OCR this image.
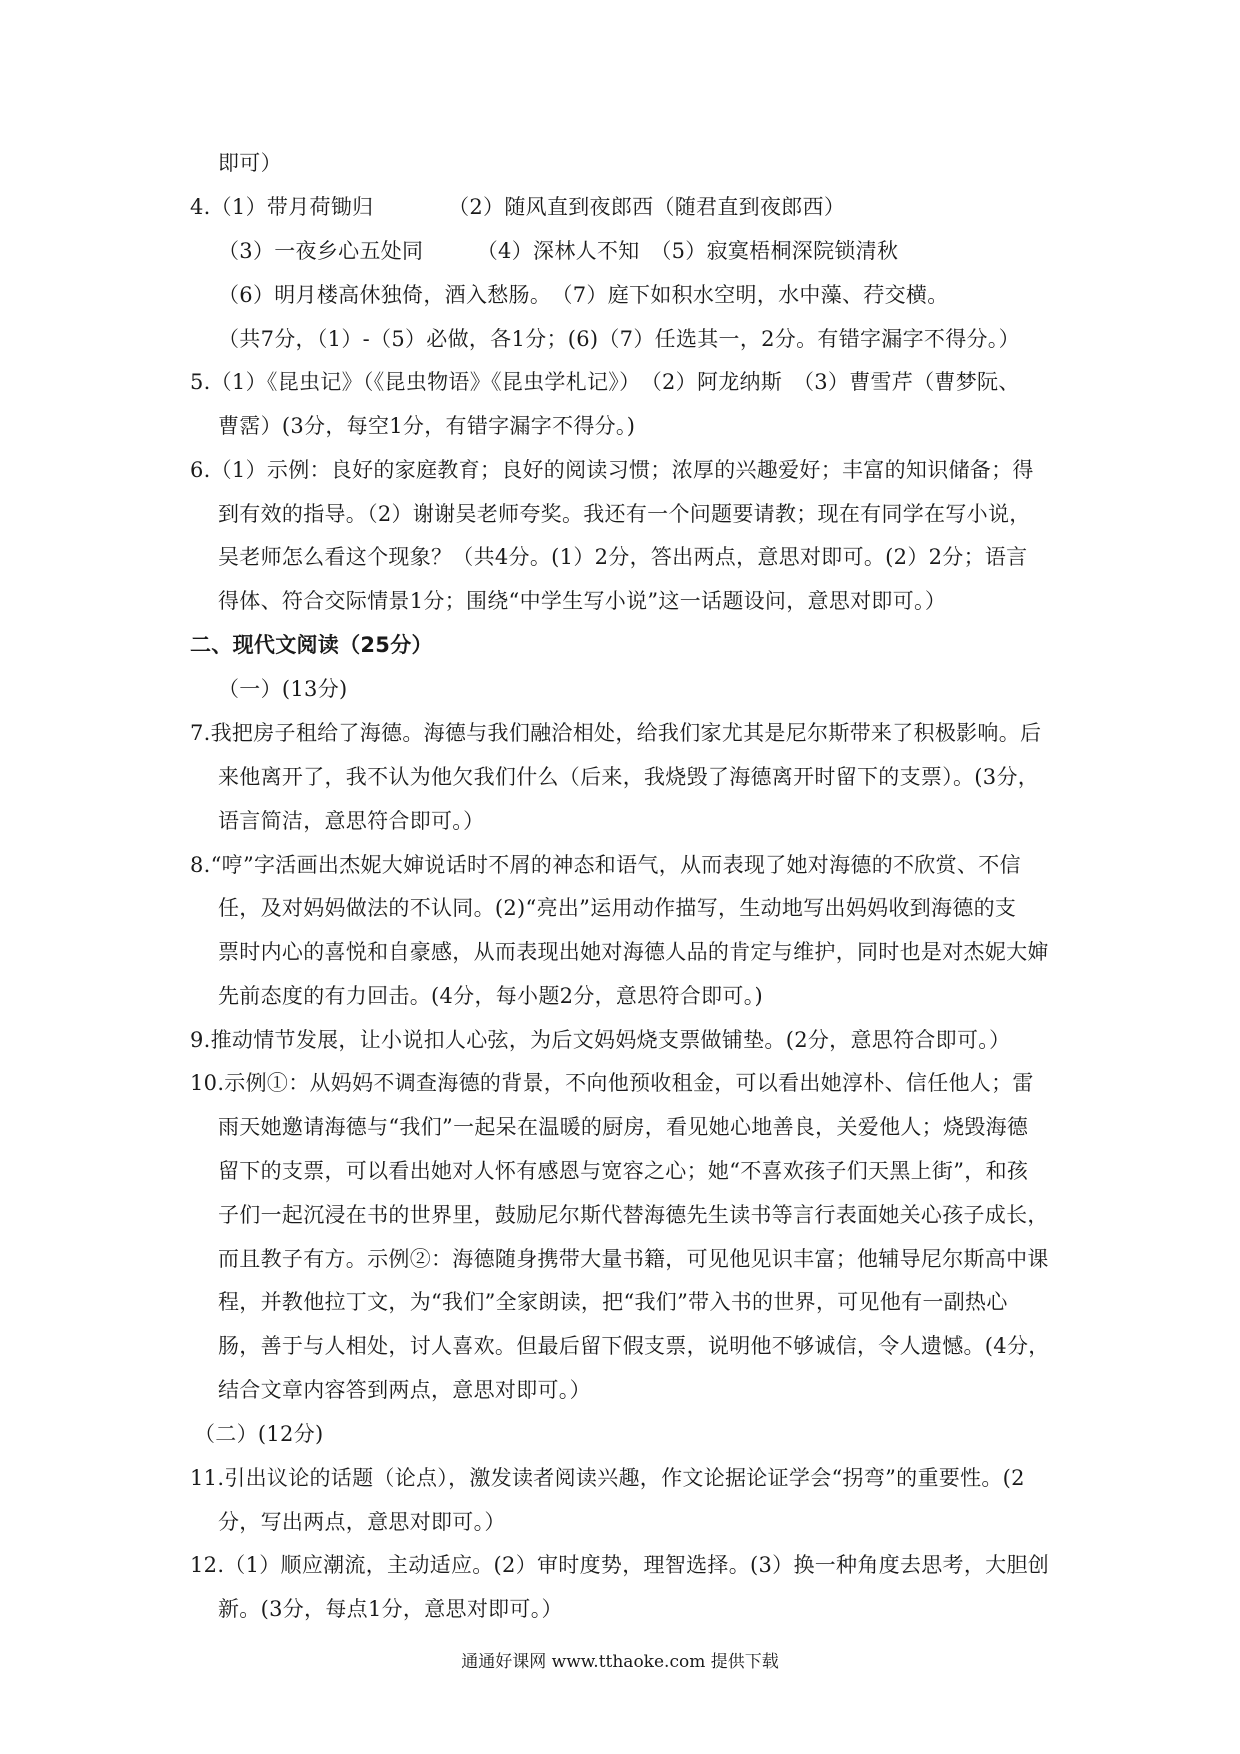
即可）
4.（1）带月荷锄归　　　　（2）随风直到夜郎西（随君直到夜郎西）
（3）一夜乡心五处同　　　（4）深林人不知　（5）寂寞梧桐深院锁清秋
（6）明月楼高休独倚，酒入愁肠。　（7）庭下如积水空明，水中藻、荇交横。
（共7分，（1）-（5）必做，各1分；(6)（7）任选其一，2分。有错字漏字不得分。）
5.（1）《昆虫记》（《昆虫物语》《昆虫学札记》）　（2）阿龙纳斯　（3）曹雪芹（曹梦阮、
曹霑）(3分，每空1分，有错字漏字不得分。)
6.（1）示例：良好的家庭教育；良好的阅读习惯；浓厚的兴趣爱好；丰富的知识储备；得
到有效的指导。（2）谢谢吴老师夸奖。我还有一个问题要请教；现在有同学在写小说，
吴老师怎么看这个现象？（共4分。(1）2分，答出两点，意思对即可。(2）2分；语言
得体、符合交际情景1分；围绕“中学生写小说”这一话题设问，意思对即可。）
二、现代文阅读（25分）
（一）(13分)
7.我把房子租给了海德。海德与我们融洽相处，给我们家尤其是尼尔斯带来了积极影响。后
来他离开了，我不认为他欠我们什么（后来，我烧毁了海德离开时留下的支票）。(3分，
语言简洁，意思符合即可。）
8.“哼”字活画出杰妮大婶说话时不屑的神态和语气，从而表现了她对海德的不欣赏、不信
任，及对妈妈做法的不认同。(2)“亮出”运用动作描写，生动地写出妈妈收到海德的支
票时内心的喜悦和自豪感，从而表现出她对海德人品的肯定与维护，同时也是对杰妮大婶
先前态度的有力回击。(4分，每小题2分，意思符合即可。)
9.推动情节发展，让小说扣人心弦，为后文妈妈烧支票做铺垫。(2分，意思符合即可。）
10.示例①：从妈妈不调查海德的背景，不向他预收租金，可以看出她淳朴、信任他人；雷
雨天她邀请海德与“我们”一起呆在温暖的厨房，看见她心地善良，关爱他人；烧毁海德
留下的支票，可以看出她对人怀有感恩与宽容之心；她“不喜欢孩子们天黑上街”，和孩
子们一起沉浸在书的世界里，鼓励尼尔斯代替海德先生读书等言行表面她关心孩子成长，
而且教子有方。示例②：海德随身携带大量书籍，可见他见识丰富；他辅导尼尔斯高中课
程，并教他拉丁文，为“我们”全家朗读，把“我们”带入书的世界，可见他有一副热心
肠，善于与人相处，讨人喜欢。但最后留下假支票，说明他不够诚信，令人遗憾。(4分，
结合文章内容答到两点，意思对即可。）
（二）(12分)
11.引出议论的话题（论点），激发读者阅读兴趣，作文论据论证学会“拐弯”的重要性。(2
分，写出两点，意思对即可。）
12.（1）顺应潮流，主动适应。(2）审时度势，理智选择。(3）换一种角度去思考，大胆创
新。(3分，每点1分，意思对即可。）
通通好课网 www.tthaoke.com 提供下载
